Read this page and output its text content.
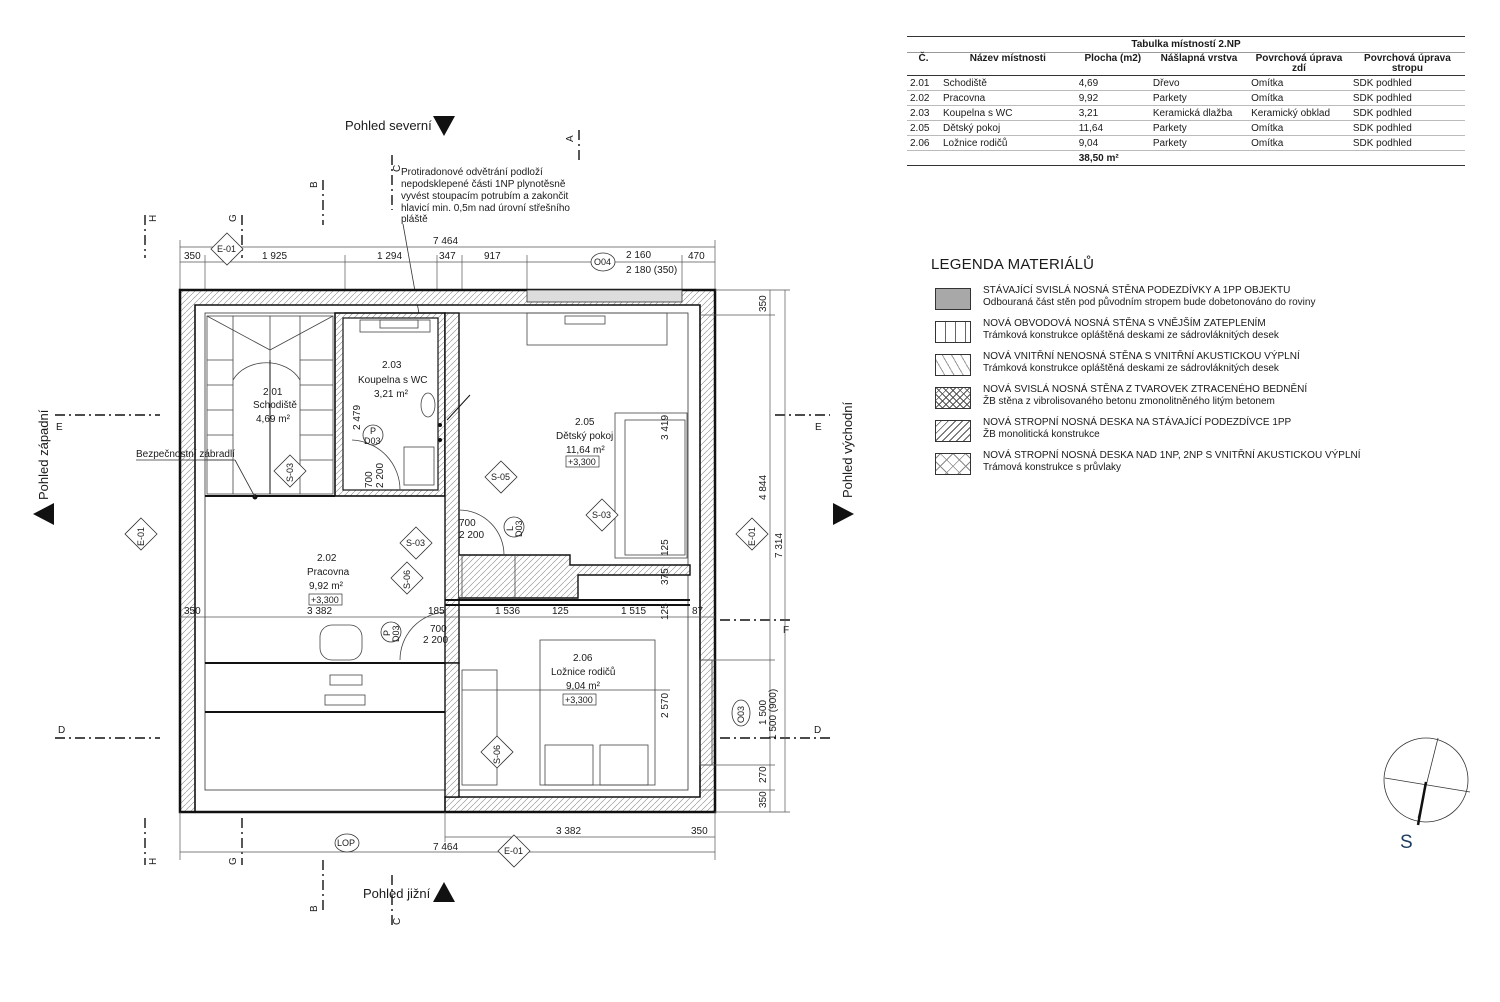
Tabulka místností 2.NP
Č.	Název místnosti	Plocha (m2)	Nášlapná vrstva	Povrchová úprava zdí	Povrchová úprava stropu
2.01	Schodiště	4,69	Dřevo	Omítka	SDK podhled
2.02	Pracovna	9,92	Parkety	Omítka	SDK podhled
2.03	Koupelna s WC	3,21	Keramická dlažba	Keramický obklad	SDK podhled
2.05	Dětský pokoj	11,64	Parkety	Omítka	SDK podhled
2.06	Ložnice rodičů	9,04	Parkety	Omítka	SDK podhled
		38,50 m²			
LEGENDA MATERIÁLŮ
STÁVAJÍCÍ SVISLÁ NOSNÁ STĚNA PODEZDÍVKY A 1PP OBJEKTU
Odbouraná část stěn pod původním stropem bude dobetonováno do roviny
NOVÁ OBVODOVÁ NOSNÁ STĚNA S VNĚJŠÍM ZATEPLENÍM
Trámková konstrukce opláštěná deskami ze sádrovláknitých desek
NOVÁ VNITŘNÍ NENOSNÁ STĚNA S VNITŘNÍ AKUSTICKOU VÝPLNÍ
Trámková konstrukce opláštěná deskami ze sádrovláknitých desek
NOVÁ SVISLÁ NOSNÁ STĚNA Z TVAROVEK ZTRACENÉHO BEDNĚNÍ
ŽB stěna z vibrolisovaného betonu zmonolitněného litým betonem
NOVÁ STROPNÍ NOSNÁ DESKA NA STÁVAJÍCÍ PODEZDÍVCE 1PP
ŽB monolitická konstrukce
NOVÁ STROPNÍ NOSNÁ DESKA NAD 1NP, 2NP S VNITŘNÍ AKUSTICKOU VÝPLNÍ
Trámová konstrukce s průvlaky
Pohled severní
Pohled jižní
Pohled západní	Pohled východní
Protiradonové odvětrání podloží
nepodsklepené části 1NP plynotěsně
vyvést stoupacím potrubím a zakončit
hlavicí min. 0,5m nad úrovní střešního
pláště
B
C
A
H	G
H	G
B
C
E	E
D	D
F
7 464
350	1 925	1 294	347	917	2 160
2 180 (350)
470
350	3 382	185	1 536	125	1 515	87
2 479	3 419
2 570
125
375
125
700 2 200
700
2 200
700
2 200
350
4 844
7 314
1 500 1 500 (900)
270
350
3 382	350
7 464
2.01
Schodiště
4,69 m²
2.02
Pracovna
9,92 m²
+3,300
2.03
Koupelna s WC
3,21 m²
2.05
Dětský pokoj
11,64 m²
+3,300
2.06
Ložnice rodičů
9,04 m²
+3,300
Bezpečnostní zábradlí
E-01
E-01	E-01
E-01
S-03
S-03
S-03
S-05
S-06
S-06
O04
O03
LOP
P
D03
L D03
P D03
S
